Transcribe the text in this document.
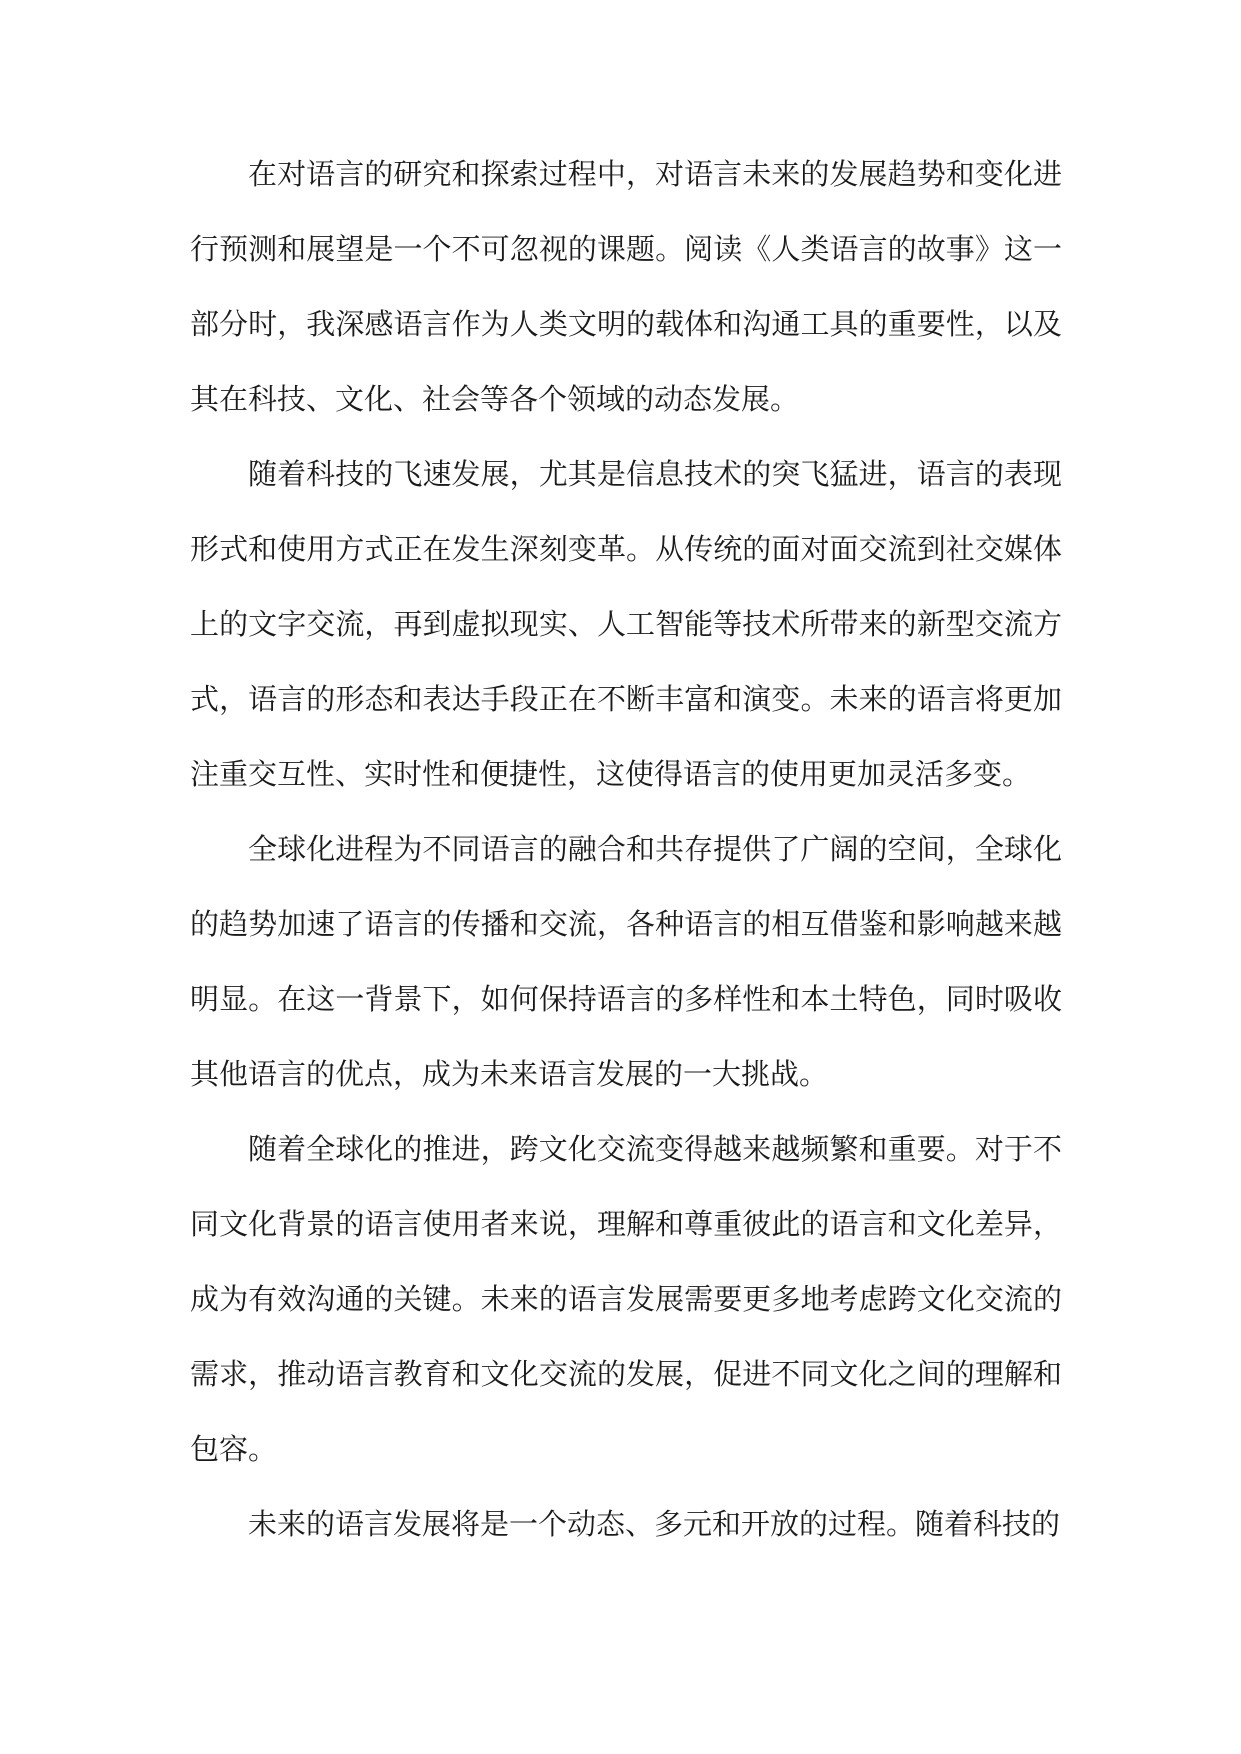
在对语言的研究和探索过程中，对语言未来的发展趋势和变化进行预测和展望是一个不可忽视的课题。阅读《人类语言的故事》这一部分时，我深感语言作为人类文明的载体和沟通工具的重要性，以及其在科技、文化、社会等各个领域的动态发展。

随着科技的飞速发展，尤其是信息技术的突飞猛进，语言的表现形式和使用方式正在发生深刻变革。从传统的面对面交流到社交媒体上的文字交流，再到虚拟现实、人工智能等技术所带来的新型交流方式，语言的形态和表达手段正在不断丰富和演变。未来的语言将更加注重交互性、实时性和便捷性，这使得语言的使用更加灵活多变。

全球化进程为不同语言的融合和共存提供了广阔的空间，全球化的趋势加速了语言的传播和交流，各种语言的相互借鉴和影响越来越明显。在这一背景下，如何保持语言的多样性和本土特色，同时吸收其他语言的优点，成为未来语言发展的一大挑战。

随着全球化的推进，跨文化交流变得越来越频繁和重要。对于不同文化背景的语言使用者来说，理解和尊重彼此的语言和文化差异，成为有效沟通的关键。未来的语言发展需要更多地考虑跨文化交流的需求，推动语言教育和文化交流的发展，促进不同文化之间的理解和包容。

未来的语言发展将是一个动态、多元和开放的过程。随着科技的
